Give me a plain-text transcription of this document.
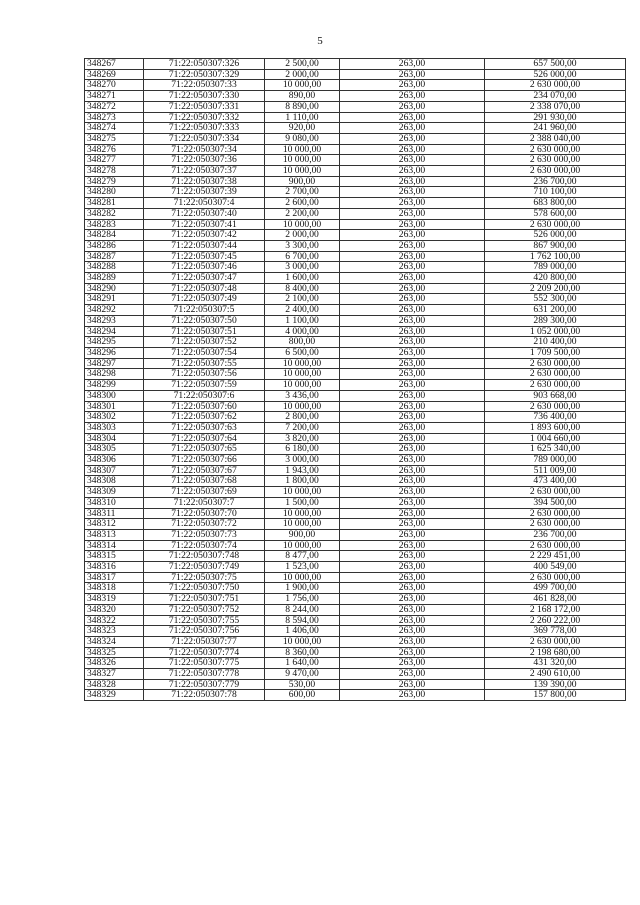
5
348267	71:22:050307:326	2 500,00	263,00	657 500,00
348269	71:22:050307:329	2 000,00	263,00	526 000,00
348270	71:22:050307:33	10 000,00	263,00	2 630 000,00
348271	71:22:050307:330	890,00	263,00	234 070,00
348272	71:22:050307:331	8 890,00	263,00	2 338 070,00
348273	71:22:050307:332	1 110,00	263,00	291 930,00
348274	71:22:050307:333	920,00	263,00	241 960,00
348275	71:22:050307:334	9 080,00	263,00	2 388 040,00
348276	71:22:050307:34	10 000,00	263,00	2 630 000,00
348277	71:22:050307:36	10 000,00	263,00	2 630 000,00
348278	71:22:050307:37	10 000,00	263,00	2 630 000,00
348279	71:22:050307:38	900,00	263,00	236 700,00
348280	71:22:050307:39	2 700,00	263,00	710 100,00
348281	71:22:050307:4	2 600,00	263,00	683 800,00
348282	71:22:050307:40	2 200,00	263,00	578 600,00
348283	71:22:050307:41	10 000,00	263,00	2 630 000,00
348284	71:22:050307:42	2 000,00	263,00	526 000,00
348286	71:22:050307:44	3 300,00	263,00	867 900,00
348287	71:22:050307:45	6 700,00	263,00	1 762 100,00
348288	71:22:050307:46	3 000,00	263,00	789 000,00
348289	71:22:050307:47	1 600,00	263,00	420 800,00
348290	71:22:050307:48	8 400,00	263,00	2 209 200,00
348291	71:22:050307:49	2 100,00	263,00	552 300,00
348292	71:22:050307:5	2 400,00	263,00	631 200,00
348293	71:22:050307:50	1 100,00	263,00	289 300,00
348294	71:22:050307:51	4 000,00	263,00	1 052 000,00
348295	71:22:050307:52	800,00	263,00	210 400,00
348296	71:22:050307:54	6 500,00	263,00	1 709 500,00
348297	71:22:050307:55	10 000,00	263,00	2 630 000,00
348298	71:22:050307:56	10 000,00	263,00	2 630 000,00
348299	71:22:050307:59	10 000,00	263,00	2 630 000,00
348300	71:22:050307:6	3 436,00	263,00	903 668,00
348301	71:22:050307:60	10 000,00	263,00	2 630 000,00
348302	71:22:050307:62	2 800,00	263,00	736 400,00
348303	71:22:050307:63	7 200,00	263,00	1 893 600,00
348304	71:22:050307:64	3 820,00	263,00	1 004 660,00
348305	71:22:050307:65	6 180,00	263,00	1 625 340,00
348306	71:22:050307:66	3 000,00	263,00	789 000,00
348307	71:22:050307:67	1 943,00	263,00	511 009,00
348308	71:22:050307:68	1 800,00	263,00	473 400,00
348309	71:22:050307:69	10 000,00	263,00	2 630 000,00
348310	71:22:050307:7	1 500,00	263,00	394 500,00
348311	71:22:050307:70	10 000,00	263,00	2 630 000,00
348312	71:22:050307:72	10 000,00	263,00	2 630 000,00
348313	71:22:050307:73	900,00	263,00	236 700,00
348314	71:22:050307:74	10 000,00	263,00	2 630 000,00
348315	71:22:050307:748	8 477,00	263,00	2 229 451,00
348316	71:22:050307:749	1 523,00	263,00	400 549,00
348317	71:22:050307:75	10 000,00	263,00	2 630 000,00
348318	71:22:050307:750	1 900,00	263,00	499 700,00
348319	71:22:050307:751	1 756,00	263,00	461 828,00
348320	71:22:050307:752	8 244,00	263,00	2 168 172,00
348322	71:22:050307:755	8 594,00	263,00	2 260 222,00
348323	71:22:050307:756	1 406,00	263,00	369 778,00
348324	71:22:050307:77	10 000,00	263,00	2 630 000,00
348325	71:22:050307:774	8 360,00	263,00	2 198 680,00
348326	71:22:050307:775	1 640,00	263,00	431 320,00
348327	71:22:050307:778	9 470,00	263,00	2 490 610,00
348328	71:22:050307:779	530,00	263,00	139 390,00
348329	71:22:050307:78	600,00	263,00	157 800,00
